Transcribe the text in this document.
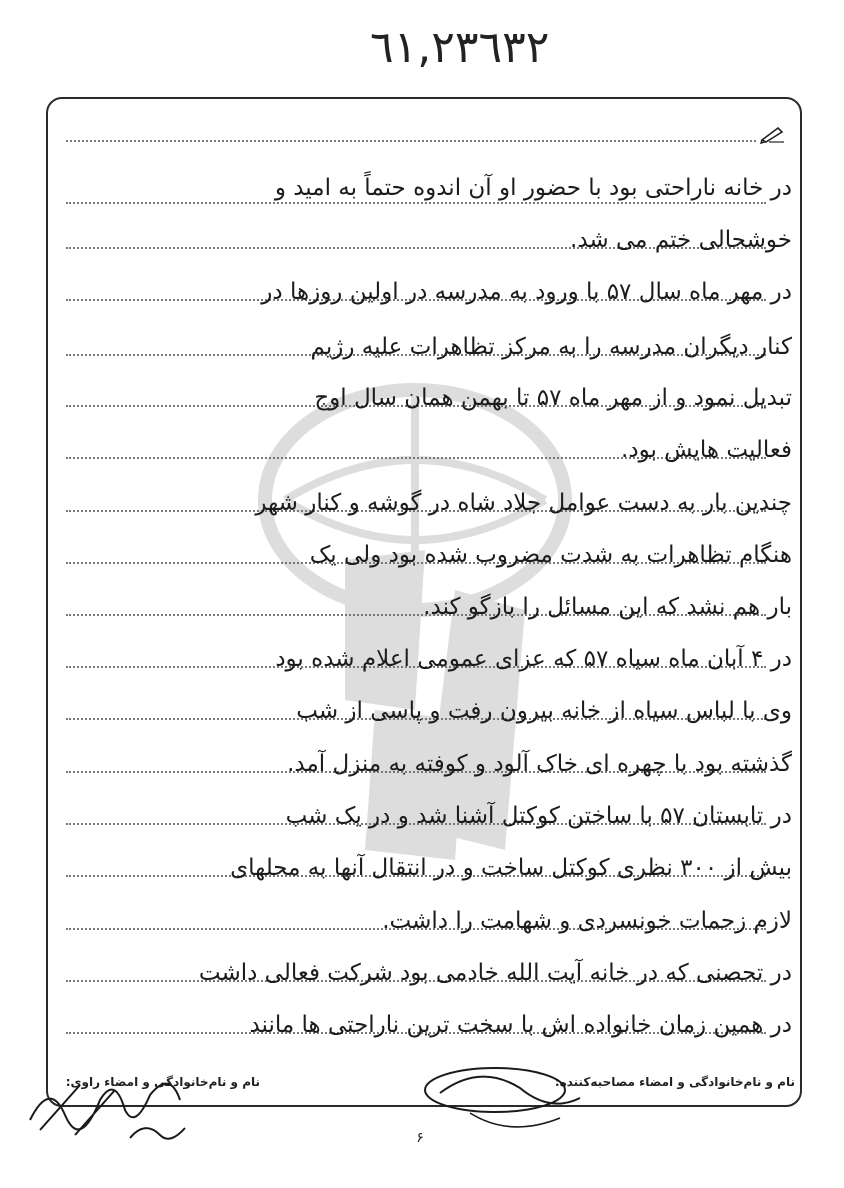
٦١,٢٣٦٣٢
در خانه ناراحتی بود با حضور او آن اندوه حتماً به امید و
خوشحالی ختم می شد.
در مهر ماه سال ۵۷ با ورود به مدرسه در اولین روزها در
کنار دیگران مدرسه را به مرکز تظاهرات علیه رژیم
تبدیل نمود و از مهر ماه ۵۷ تا بهمن همان سال اوج
فعالیت هایش بود.
چندین بار به دست عوامل جلاد شاه در گوشه و کنار شهر
هنگام تظاهرات به شدت مضروب شده بود ولی یک
بار هم نشد که این مسائل را بازگو کند.
در ۴ آبان ماه سیاه ۵۷ که عزای عمومی اعلام شده بود
وی با لباس سیاه از خانه بیرون رفت و پاسی از شب
گذشته بود با چهره ای خاک آلود و کوفته به منزل آمد.
در تابستان ۵۷ با ساختن کوکتل آشنا شد و در یک شب
بیش از ۳۰۰ نظری کوکتل ساخت و در انتقال آنها به محلهای
لازم زحمات خونسردی و شهامت را داشت.
در تحصنی که در خانه آیت الله خادمی بود شرکت فعالی داشت
در همین زمان خانواده اش با سخت ترین ناراحتی ها مانند
نام و نام‌خانوادگی و امضاء راوی:	نام و نام‌خانوادگی و امضاء مصاحبه‌کننده:
۶
